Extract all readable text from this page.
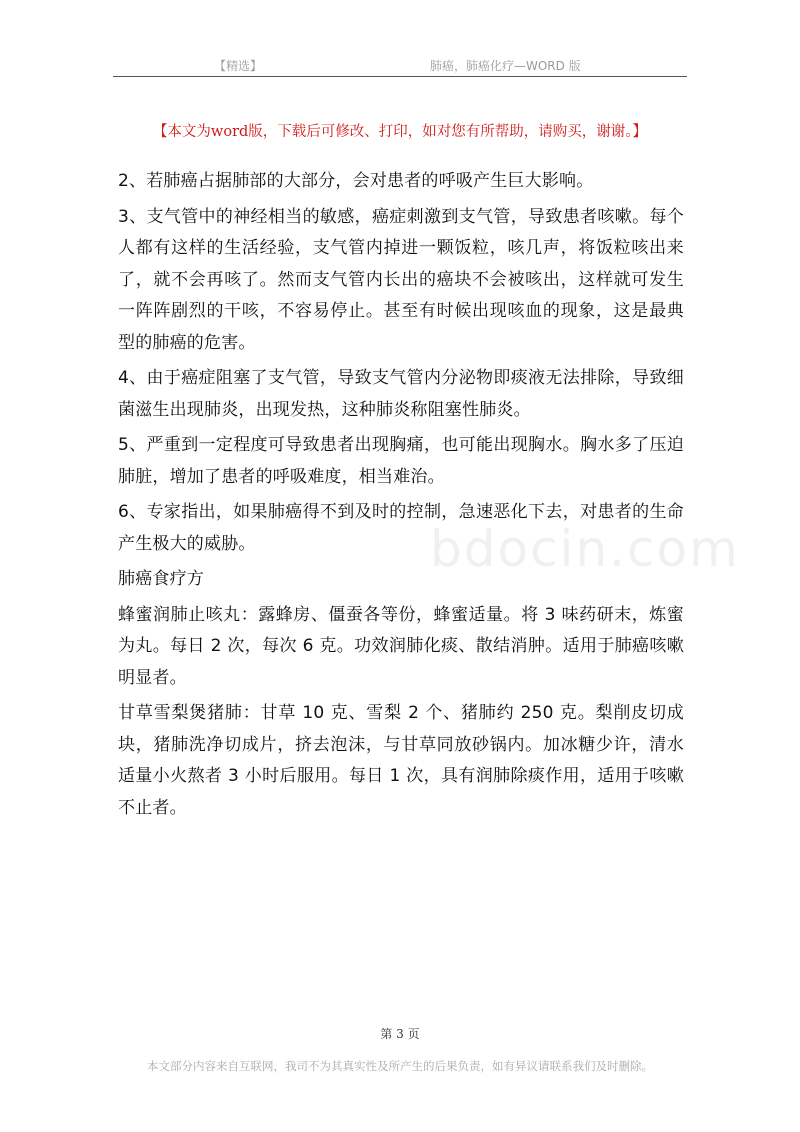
【精选】	肺癌，肺癌化疗—WORD 版
【本文为word版，下载后可修改、打印，如对您有所帮助，请购买，谢谢。】

2、若肺癌占据肺部的大部分，会对患者的呼吸产生巨大影响。

3、支气管中的神经相当的敏感，癌症刺激到支气管，导致患者咳嗽。每个人都有这样的生活经验，支气管内掉进一颗饭粒，咳几声，将饭粒咳出来了，就不会再咳了。然而支气管内长出的癌块不会被咳出，这样就可发生一阵阵剧烈的干咳，不容易停止。甚至有时候出现咳血的现象，这是最典型的肺癌的危害。

4、由于癌症阻塞了支气管，导致支气管内分泌物即痰液无法排除，导致细菌滋生出现肺炎，出现发热，这种肺炎称阻塞性肺炎。

5、严重到一定程度可导致患者出现胸痛，也可能出现胸水。胸水多了压迫肺脏，增加了患者的呼吸难度，相当难治。

6、专家指出，如果肺癌得不到及时的控制，急速恶化下去，对患者的生命产生极大的威胁。

肺癌食疗方

蜂蜜润肺止咳丸：露蜂房、僵蚕各等份，蜂蜜适量。将 3 味药研末，炼蜜为丸。每日 2 次，每次 6 克。功效润肺化痰、散结消肿。适用于肺癌咳嗽明显者。

甘草雪梨煲猪肺：甘草 10 克、雪梨 2 个、猪肺约 250 克。梨削皮切成块，猪肺洗净切成片，挤去泡沫，与甘草同放砂锅内。加冰糖少许，清水适量小火熬者 3 小时后服用。每日 1 次，具有润肺除痰作用，适用于咳嗽不止者。

bdocin.com
第 3 页
本文部分内容来自互联网，我司不为其真实性及所产生的后果负责，如有异议请联系我们及时删除。
